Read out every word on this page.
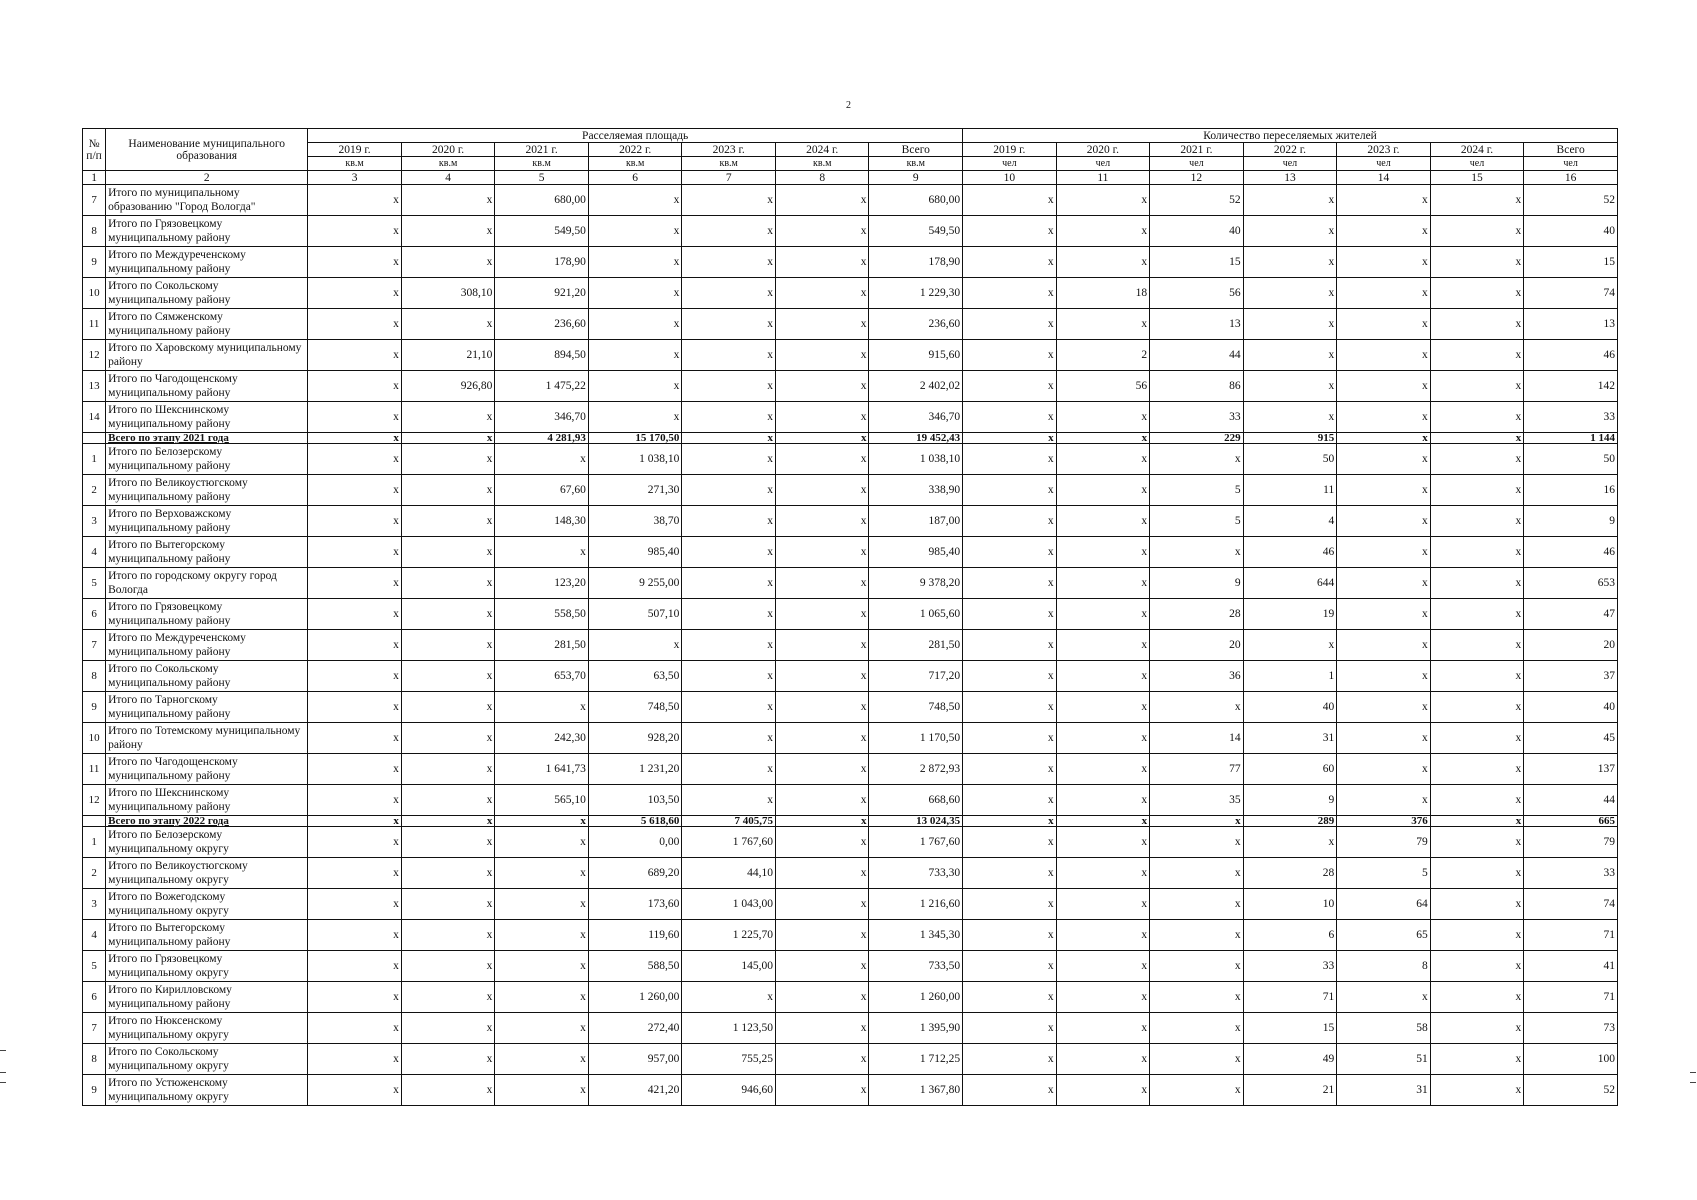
2
№ п/п	Наименование муниципального образования	Расселяемая площадь							Количество переселяемых жителей						
		2019 г.	2020 г.	2021 г.	2022 г.	2023 г.	2024 г.	Всего	2019 г.	2020 г.	2021 г.	2022 г.	2023 г.	2024 г.	Всего
		кв.м	кв.м	кв.м	кв.м	кв.м	кв.м	кв.м	чел	чел	чел	чел	чел	чел	чел
1	2	3	4	5	6	7	8	9	10	11	12	13	14	15	16
7	Итого по муниципальному образованию "Город Вологда"	x	x	680,00	x	x	x	680,00	x	x	52	x	x	x	52
8	Итого по Грязовецкому муниципальному району	x	x	549,50	x	x	x	549,50	x	x	40	x	x	x	40
9	Итого по Междуреченскому муниципальному району	x	x	178,90	x	x	x	178,90	x	x	15	x	x	x	15
10	Итого по Сокольскому муниципальному району	x	308,10	921,20	x	x	x	1 229,30	x	18	56	x	x	x	74
11	Итого по Сямженскому муниципальному району	x	x	236,60	x	x	x	236,60	x	x	13	x	x	x	13
12	Итого по Харовскому муниципальному району	x	21,10	894,50	x	x	x	915,60	x	2	44	x	x	x	46
13	Итого по Чагодощенскому муниципальному району	x	926,80	1 475,22	x	x	x	2 402,02	x	56	86	x	x	x	142
14	Итого по Шекснинскому муниципальному району	x	x	346,70	x	x	x	346,70	x	x	33	x	x	x	33
	Всего по этапу 2021 года	x	x	4 281,93	15 170,50	x	x	19 452,43	x	x	229	915	x	x	1 144
1	Итого по Белозерскому муниципальному району	x	x	x	1 038,10	x	x	1 038,10	x	x	x	50	x	x	50
2	Итого по Великоустюгскому муниципальному району	x	x	67,60	271,30	x	x	338,90	x	x	5	11	x	x	16
3	Итого по Верховажскому муниципальному району	x	x	148,30	38,70	x	x	187,00	x	x	5	4	x	x	9
4	Итого по Вытегорскому муниципальному району	x	x	x	985,40	x	x	985,40	x	x	x	46	x	x	46
5	Итого по городскому округу город Вологда	x	x	123,20	9 255,00	x	x	9 378,20	x	x	9	644	x	x	653
6	Итого по Грязовецкому муниципальному району	x	x	558,50	507,10	x	x	1 065,60	x	x	28	19	x	x	47
7	Итого по Междуреченскому муниципальному району	x	x	281,50	x	x	x	281,50	x	x	20	x	x	x	20
8	Итого по Сокольскому муниципальному району	x	x	653,70	63,50	x	x	717,20	x	x	36	1	x	x	37
9	Итого по Тарногскому муниципальному району	x	x	x	748,50	x	x	748,50	x	x	x	40	x	x	40
10	Итого по Тотемскому муниципальному району	x	x	242,30	928,20	x	x	1 170,50	x	x	14	31	x	x	45
11	Итого по Чагодощенскому муниципальному району	x	x	1 641,73	1 231,20	x	x	2 872,93	x	x	77	60	x	x	137
12	Итого по Шекснинскому муниципальному району	x	x	565,10	103,50	x	x	668,60	x	x	35	9	x	x	44
	Всего по этапу 2022 года	x	x	x	5 618,60	7 405,75	x	13 024,35	x	x	x	289	376	x	665
1	Итого по Белозерскому муниципальному округу	x	x	x	0,00	1 767,60	x	1 767,60	x	x	x	x	79	x	79
2	Итого по Великоустюгскому муниципальному округу	x	x	x	689,20	44,10	x	733,30	x	x	x	28	5	x	33
3	Итого по Вожегодскому муниципальному округу	x	x	x	173,60	1 043,00	x	1 216,60	x	x	x	10	64	x	74
4	Итого по Вытегорскому муниципальному району	x	x	x	119,60	1 225,70	x	1 345,30	x	x	x	6	65	x	71
5	Итого по Грязовецкому муниципальному округу	x	x	x	588,50	145,00	x	733,50	x	x	x	33	8	x	41
6	Итого по Кирилловскому муниципальному району	x	x	x	1 260,00	x	x	1 260,00	x	x	x	71	x	x	71
7	Итого по Нюксенскому муниципальному округу	x	x	x	272,40	1 123,50	x	1 395,90	x	x	x	15	58	x	73
8	Итого по Сокольскому муниципальному округу	x	x	x	957,00	755,25	x	1 712,25	x	x	x	49	51	x	100
9	Итого по Устюженскому муниципальному округу	x	x	x	421,20	946,60	x	1 367,80	x	x	x	21	31	x	52
